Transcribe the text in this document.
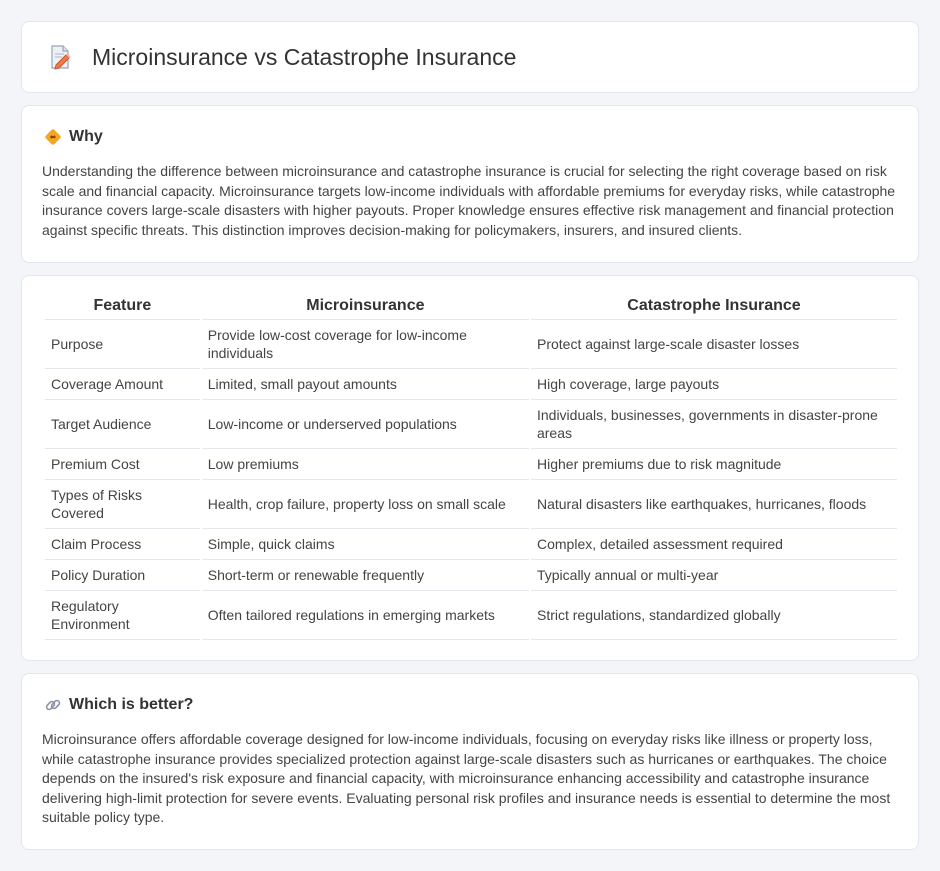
Microinsurance vs Catastrophe Insurance
Why

Understanding the difference between microinsurance and catastrophe insurance is crucial for selecting the right coverage based on risk scale and financial capacity. Microinsurance targets low-income individuals with affordable premiums for everyday risks, while catastrophe insurance covers large-scale disasters with higher payouts. Proper knowledge ensures effective risk management and financial protection against specific threats. This distinction improves decision-making for policymakers, insurers, and insured clients.

Feature	Microinsurance	Catastrophe Insurance
Purpose	Provide low-cost coverage for low-income individuals	Protect against large-scale disaster losses
Coverage Amount	Limited, small payout amounts	High coverage, large payouts
Target Audience	Low-income or underserved populations	Individuals, businesses, governments in disaster-prone areas
Premium Cost	Low premiums	Higher premiums due to risk magnitude
Types of Risks Covered	Health, crop failure, property loss on small scale	Natural disasters like earthquakes, hurricanes, floods
Claim Process	Simple, quick claims	Complex, detailed assessment required
Policy Duration	Short-term or renewable frequently	Typically annual or multi-year
Regulatory Environment	Often tailored regulations in emerging markets	Strict regulations, standardized globally
Which is better?

Microinsurance offers affordable coverage designed for low-income individuals, focusing on everyday risks like illness or property loss, while catastrophe insurance provides specialized protection against large-scale disasters such as hurricanes or earthquakes. The choice depends on the insured's risk exposure and financial capacity, with microinsurance enhancing accessibility and catastrophe insurance delivering high-limit protection for severe events. Evaluating personal risk profiles and insurance needs is essential to determine the most suitable policy type.
